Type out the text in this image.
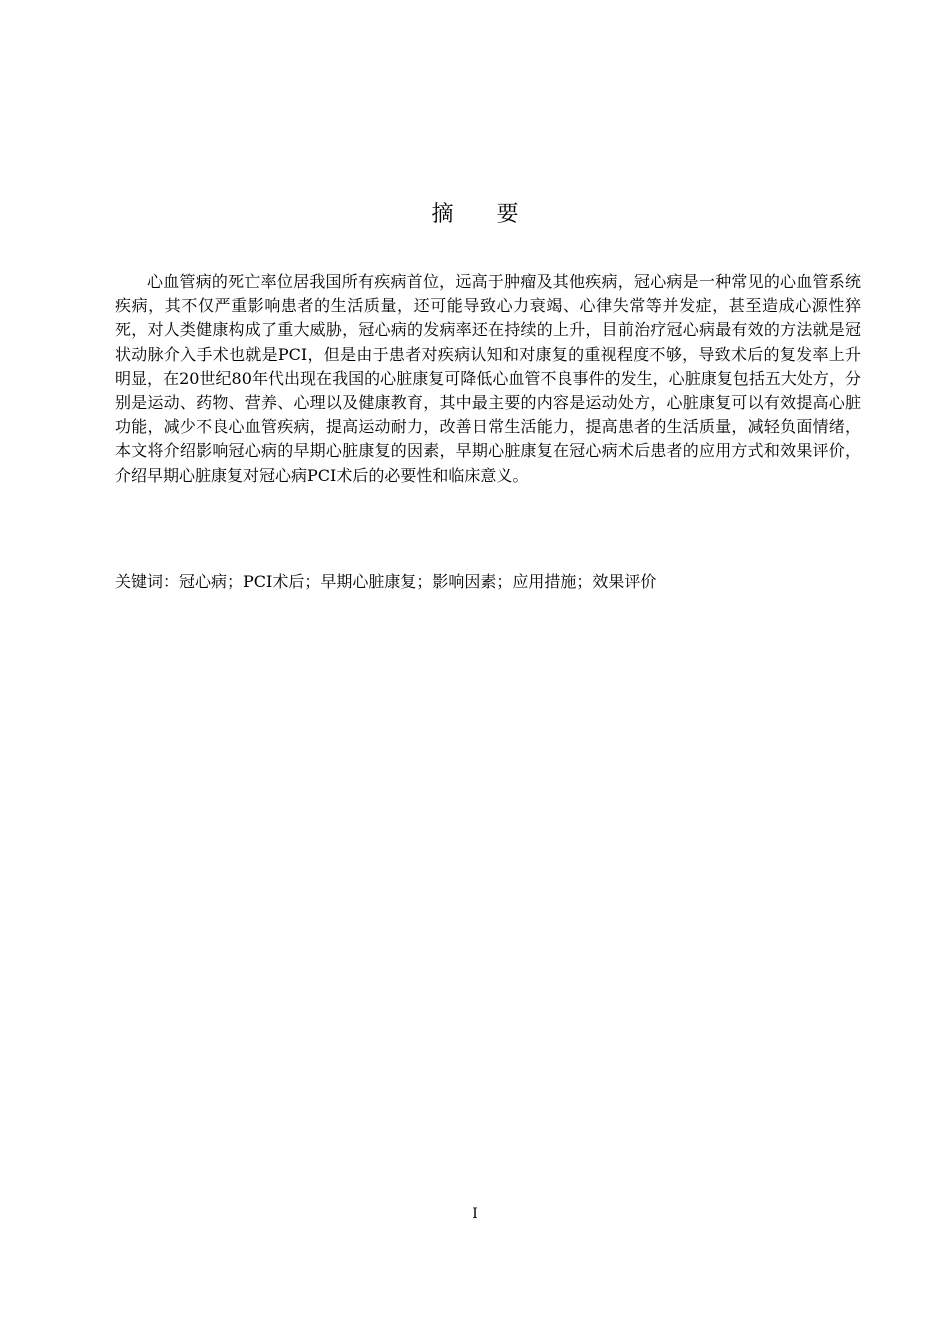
摘 要

心血管病的死亡率位居我国所有疾病首位，远高于肿瘤及其他疾病，冠心病是一种常见的心血管系统疾病，其不仅严重影响患者的生活质量，还可能导致心力衰竭、心律失常等并发症，甚至造成心源性猝死，对人类健康构成了重大威胁，冠心病的发病率还在持续的上升，目前治疗冠心病最有效的方法就是冠状动脉介入手术也就是PCI，但是由于患者对疾病认知和对康复的重视程度不够，导致术后的复发率上升明显，在20世纪80年代出现在我国的心脏康复可降低心血管不良事件的发生，心脏康复包括五大处方，分别是运动、药物、营养、心理以及健康教育，其中最主要的内容是运动处方，心脏康复可以有效提高心脏功能，减少不良心血管疾病，提高运动耐力，改善日常生活能力，提高患者的生活质量，减轻负面情绪，本文将介绍影响冠心病的早期心脏康复的因素，早期心脏康复在冠心病术后患者的应用方式和效果评价，介绍早期心脏康复对冠心病PCI术后的必要性和临床意义。

关键词：冠心病；PCI术后；早期心脏康复；影响因素；应用措施；效果评价
I
